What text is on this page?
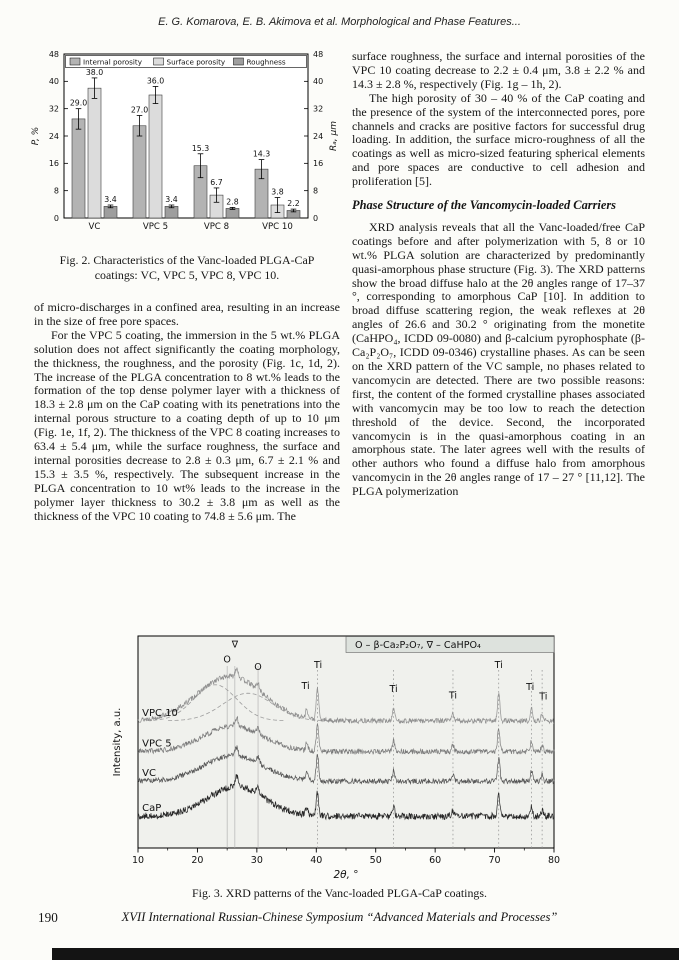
E. G. Komarova, E. B. Akimova et al. Morphological and Phase Features...
0	0
8	8
16	16
24	24
32	32
40	40
48	48
Internal porosity	Surface porosity	Roughness
29.0
38.0
3.4
VC
27.0
36.0
3.4
VPC 5
15.3
6.7
2.8
VPC 8
14.3
3.8
2.2
VPC 10
P, %	Rₐ, μm
Fig. 2. Characteristics of the Vanc-loaded PLGA-CaP coatings: VC, VPC 5, VPC 8, VPC 10.

surface roughness, the surface and internal porosities of the VPC 10 coating decrease to 2.2 ± 0.4 μm, 3.8 ± 2.2 % and 14.3 ± 2.8 %, respectively (Fig. 1g – 1h, 2).

The high porosity of 30 – 40 % of the CaP coating and the presence of the system of the interconnected pores, pore channels and cracks are positive factors for successful drug loading. In addition, the surface micro-roughness of all the coatings as well as micro-sized featuring spherical elements and pore spaces are conductive to cell adhesion and proliferation [5].

Phase Structure of the Vancomycin-loaded Carriers

XRD analysis reveals that all the Vanc-loaded/free CaP coatings before and after polymerization with 5, 8 or 10 wt.% PLGA solution are characterized by predominantly quasi-amorphous phase structure (Fig. 3). The XRD patterns show the broad diffuse halo at the 2θ angles range of 17–37 °, corresponding to amorphous CaP [10]. In addition to broad diffuse scattering region, the weak reflexes at 2θ angles of 26.6 and 30.2 ° originating from the monetite (CaHPO₄, ICDD 09-0080) and β-calcium pyrophosphate (β-Ca₂P₂O₇, ICDD 09-0346) crystalline phases. As can be seen on the XRD pattern of the VC sample, no phases related to vancomycin are detected. There are two possible reasons: first, the content of the formed crystalline phases associated with vancomycin may be too low to reach the detection threshold of the device. Second, the incorporated vancomycin is in the quasi-amorphous coating in an amorphous state. The later agrees well with the results of other authors who found a diffuse halo from amorphous vancomycin in the 2θ angles range of 17 – 27 ° [11,12]. The PLGA polymerization

of micro-discharges in a confined area, resulting in an increase in the size of free pore spaces.

For the VPC 5 coating, the immersion in the 5 wt.% PLGA solution does not affect significantly the coating morphology, the thickness, the roughness, and the porosity (Fig. 1c, 1d, 2). The increase of the PLGA concentration to 8 wt.% leads to the formation of the top dense polymer layer with a thickness of 18.3 ± 2.8 μm on the CaP coating with its penetrations into the internal porous structure to a coating depth of up to 10 μm (Fig. 1e, 1f, 2). The thickness of the VPC 8 coating increases to 63.4 ± 5.4 μm, while the surface roughness, the surface and internal porosities decrease to 2.8 ± 0.3 μm, 6.7 ± 2.1 % and 15.3 ± 3.5 %, respectively. The subsequent increase in the PLGA concentration to 10 wt% leads to the increase in the polymer layer thickness to 30.2 ± 3.8 μm as well as the thickness of the VPC 10 coating to 74.8 ± 5.6 μm. The

VPC 10
VPC 5
VC
CaP
O
∇
O
Ti
Ti
Ti
Ti
Ti
Ti
Ti
O – β-Ca₂P₂O₇, ∇ – CaHPO₄
10	20	30	40	50	60	70	80
2θ, °
Intensity, a.u.
Fig. 3. XRD patterns of the Vanc-loaded PLGA-CaP coatings.
190	XVII International Russian-Chinese Symposium “Advanced Materials and Processes”
